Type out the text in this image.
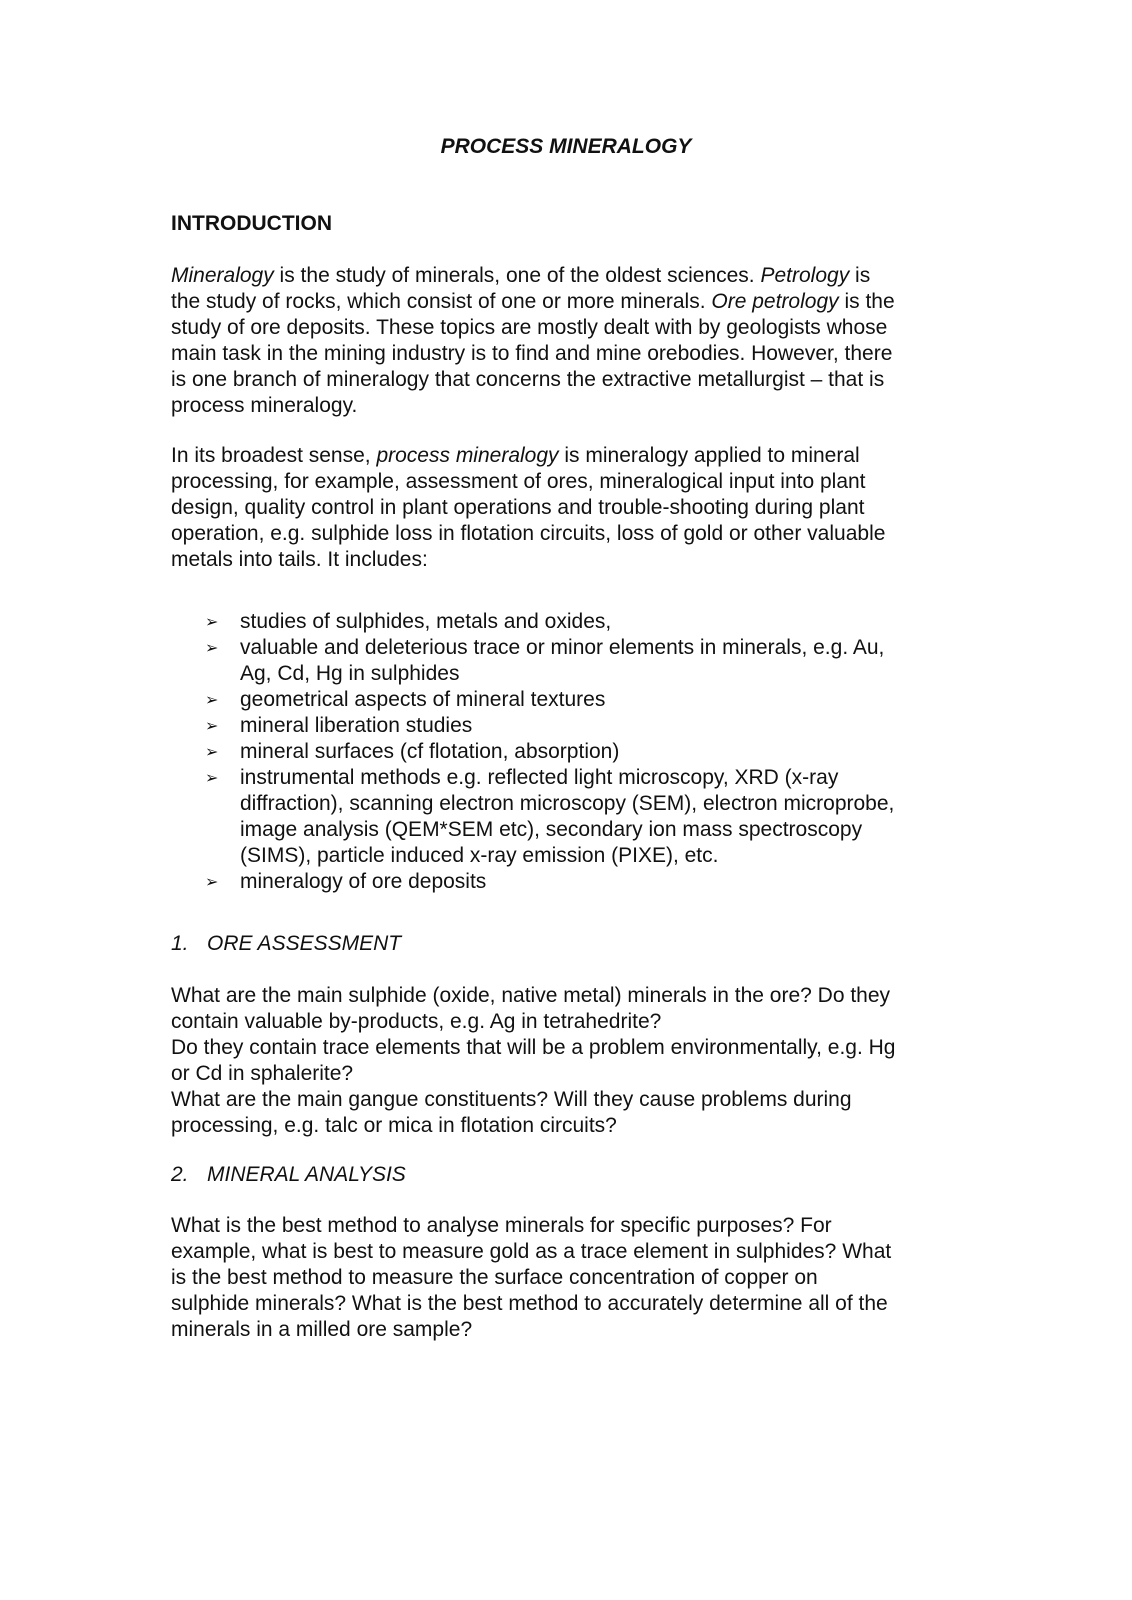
PROCESS MINERALOGY
INTRODUCTION
Mineralogy is the study of minerals, one of the oldest sciences. Petrology is
the study of rocks, which consist of one or more minerals. Ore petrology is the
study of ore deposits. These topics are mostly dealt with by geologists whose
main task in the mining industry is to find and mine orebodies. However, there
is one branch of mineralogy that concerns the extractive metallurgist – that is
process mineralogy.
In its broadest sense, process mineralogy is mineralogy applied to mineral
processing, for example, assessment of ores, mineralogical input into plant
design, quality control in plant operations and trouble-shooting during plant
operation, e.g. sulphide loss in flotation circuits, loss of gold or other valuable
metals into tails. It includes:
➢	studies of sulphides, metals and oxides,
➢	valuable and deleterious trace or minor elements in minerals, e.g. Au,
Ag, Cd, Hg in sulphides
➢	geometrical aspects of mineral textures
➢	mineral liberation studies
➢	mineral surfaces (cf flotation, absorption)
➢	instrumental methods e.g. reflected light microscopy, XRD (x-ray
diffraction), scanning electron microscopy (SEM), electron microprobe,
image analysis (QEM*SEM etc), secondary ion mass spectroscopy
(SIMS), particle induced x-ray emission (PIXE), etc.
➢	mineralogy of ore deposits
1. ORE ASSESSMENT
What are the main sulphide (oxide, native metal) minerals in the ore? Do they
contain valuable by-products, e.g. Ag in tetrahedrite?
Do they contain trace elements that will be a problem environmentally, e.g. Hg
or Cd in sphalerite?
What are the main gangue constituents? Will they cause problems during
processing, e.g. talc or mica in flotation circuits?
2. MINERAL ANALYSIS
What is the best method to analyse minerals for specific purposes? For
example, what is best to measure gold as a trace element in sulphides? What
is the best method to measure the surface concentration of copper on
sulphide minerals? What is the best method to accurately determine all of the
minerals in a milled ore sample?
